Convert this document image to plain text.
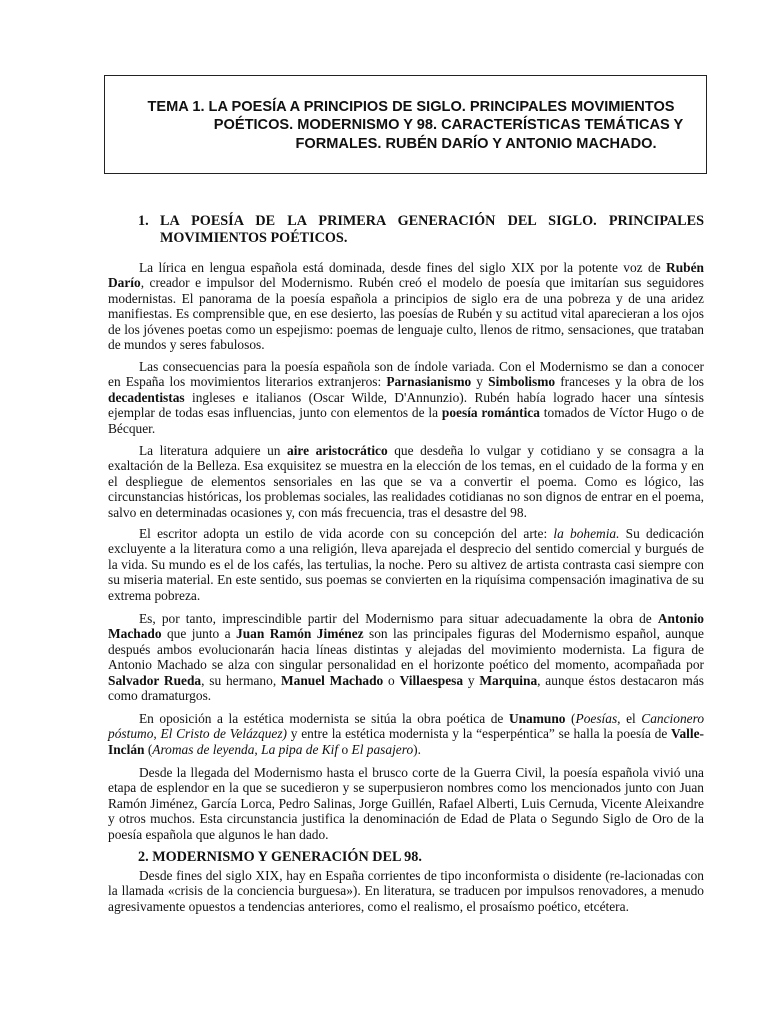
TEMA 1. LA POESÍA A PRINCIPIOS DE SIGLO. PRINCIPALES MOVIMIENTOS
POÉTICOS. MODERNISMO Y 98. CARACTERÍSTICAS TEMÁTICAS Y
FORMALES. RUBÉN DARÍO Y ANTONIO MACHADO.
1. LA POESÍA DE LA PRIMERA GENERACIÓN DEL SIGLO. PRINCIPALES MOVIMIENTOS POÉTICOS.

La lírica en lengua española está dominada, desde fines del siglo XIX por la potente voz de Rubén Darío, creador e impulsor del Modernismo. Rubén creó el modelo de poesía que imitarían sus seguidores modernistas. El panorama de la poesía española a principios de siglo era de una pobreza y de una aridez manifiestas. Es comprensible que, en ese desierto, las poesías de Rubén y su actitud vital aparecieran a los ojos de los jóvenes poetas como un espejismo: poemas de lenguaje culto, llenos de ritmo, sensaciones, que trataban de mundos y seres fabulosos.

Las consecuencias para la poesía española son de índole variada. Con el Modernismo se dan a conocer en España los movimientos literarios extranjeros: Parnasianismo y Simbolismo franceses y la obra de los decadentistas ingleses e italianos (Oscar Wilde, D'Annunzio). Rubén había logrado hacer una síntesis ejemplar de todas esas influencias, junto con elementos de la poesía romántica tomados de Víctor Hugo o de Bécquer.

La literatura adquiere un aire aristocrático que desdeña lo vulgar y cotidiano y se consagra a la exaltación de la Belleza. Esa exquisitez se muestra en la elección de los temas, en el cuidado de la forma y en el despliegue de elementos sensoriales en las que se va a convertir el poema. Como es lógico, las circunstancias históricas, los problemas sociales, las realidades cotidianas no son dignos de entrar en el poema, salvo en determinadas ocasiones y, con más frecuencia, tras el desastre del 98.

El escritor adopta un estilo de vida acorde con su concepción del arte: la bohemia. Su dedicación excluyente a la literatura como a una religión, lleva aparejada el desprecio del sentido comercial y burgués de la vida. Su mundo es el de los cafés, las tertulias, la noche. Pero su altivez de artista contrasta casi siempre con su miseria material. En este sentido, sus poemas se convierten en la riquísima compensación imaginativa de su extrema pobreza.

Es, por tanto, imprescindible partir del Modernismo para situar adecuadamente la obra de Antonio Machado que junto a Juan Ramón Jiménez son las principales figuras del Modernismo español, aunque después ambos evolucionarán hacia líneas distintas y alejadas del movimiento modernista. La figura de Antonio Machado se alza con singular personalidad en el horizonte poético del momento, acompañada por Salvador Rueda, su hermano, Manuel Machado o Villaespesa y Marquina, aunque éstos destacaron más como dramaturgos.

En oposición a la estética modernista se sitúa la obra poética de Unamuno (Poesías, el Cancionero póstumo, El Cristo de Velázquez) y entre la estética modernista y la “esperpéntica” se halla la poesía de Valle-Inclán (Aromas de leyenda, La pipa de Kif o El pasajero).

Desde la llegada del Modernismo hasta el brusco corte de la Guerra Civil, la poesía española vivió una etapa de esplendor en la que se sucedieron y se superpusieron nombres como los mencionados junto con Juan Ramón Jiménez, García Lorca, Pedro Salinas, Jorge Guillén, Rafael Alberti, Luis Cernuda, Vicente Aleixandre y otros muchos. Esta circunstancia justifica la denominación de Edad de Plata o Segundo Siglo de Oro de la poesía española que algunos le han dado.

2. MODERNISMO Y GENERACIÓN DEL 98.

Desde fines del siglo XIX, hay en España corrientes de tipo inconformista o disidente (re-lacionadas con la llamada «crisis de la conciencia burguesa»). En literatura, se traducen por impulsos renovadores, a menudo agresivamente opuestos a tendencias anteriores, como el realismo, el prosaísmo poético, etcétera.
